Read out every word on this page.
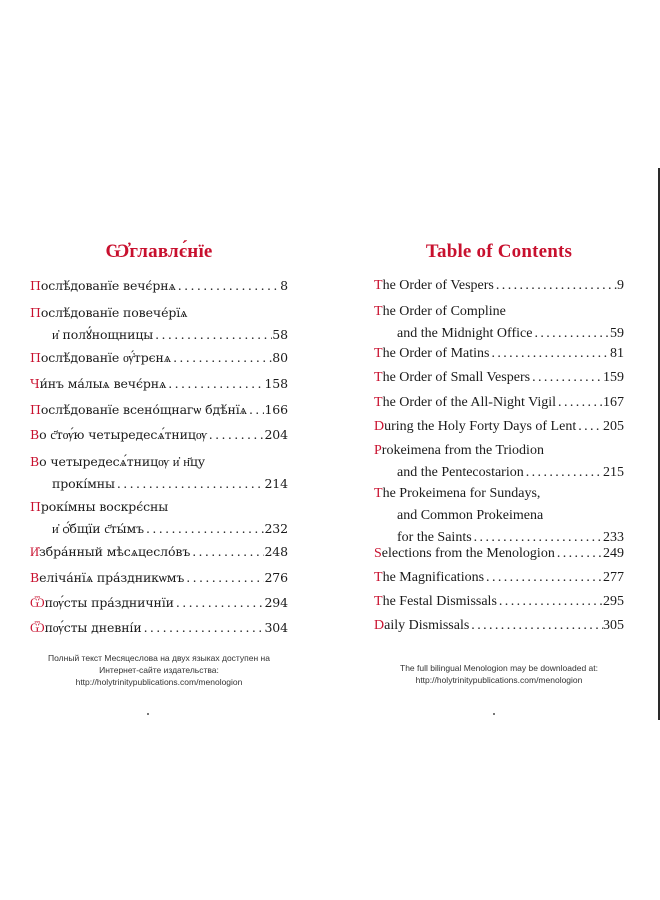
Ѡ҆главлє́нїе
П ослѣ́дованїе вечє́рнѧ .....	8
П ослѣ́дованїе повече́рїѧ
и҆ полꙋ́нощницы .....	58
П ослѣ́дованїе ѹ҆́трєнѧ .....	80
Ч и́нъ ма́лыѧ вечє́рнѧ .....	158
П ослѣ́дованїе всено́щнагѡ бдѣ́нїѧ ..... 166
В о с҃тѹ́ю четыредесѧ́тницѹ .....	204
В о четыредесѧ́тницѹ и҆ н҃цу
прокі́мны .....	214
П рокі́мны воскрє́сны
и҆ ѻ҆́бщїи с҃ты́мъ .....	232
И҆ збра́нный мѣсѧцесло́въ .....	248
В еліча́нїѧ пра́здникѡмъ .....	276
Ѿ пѹ́сты пра́здничнїи .....	294
Ѿ пѹ́сты дневні́и .....	304
Полный текст Месяцеслова на двух языках доступен на
Интернет-сайте издательства:
http://holytrinitypublications.com/menologion
Table of Contents
T he Order of Vespers .....	9
T he Order of Compline
and the Midnight Office .....	59
T he Order of Matins .....	81
T he Order of Small Vespers .....	159
T he Order of the All-Night Vigil .....	167
D uring the Holy Forty Days of Lent ..... 205
P rokeimena from the Triodion
and the Pentecostarion .....	215
T he Prokeimena for Sundays,
and Common Prokeimena
for the Saints .....	233
S elections from the Menologion .....	249
T he Magnifications .....	277
T he Festal Dismissals .....	295
D aily Dismissals .....	305
The full bilingual Menologion may be downloaded at:
http://holytrinitypublications.com/menologion
